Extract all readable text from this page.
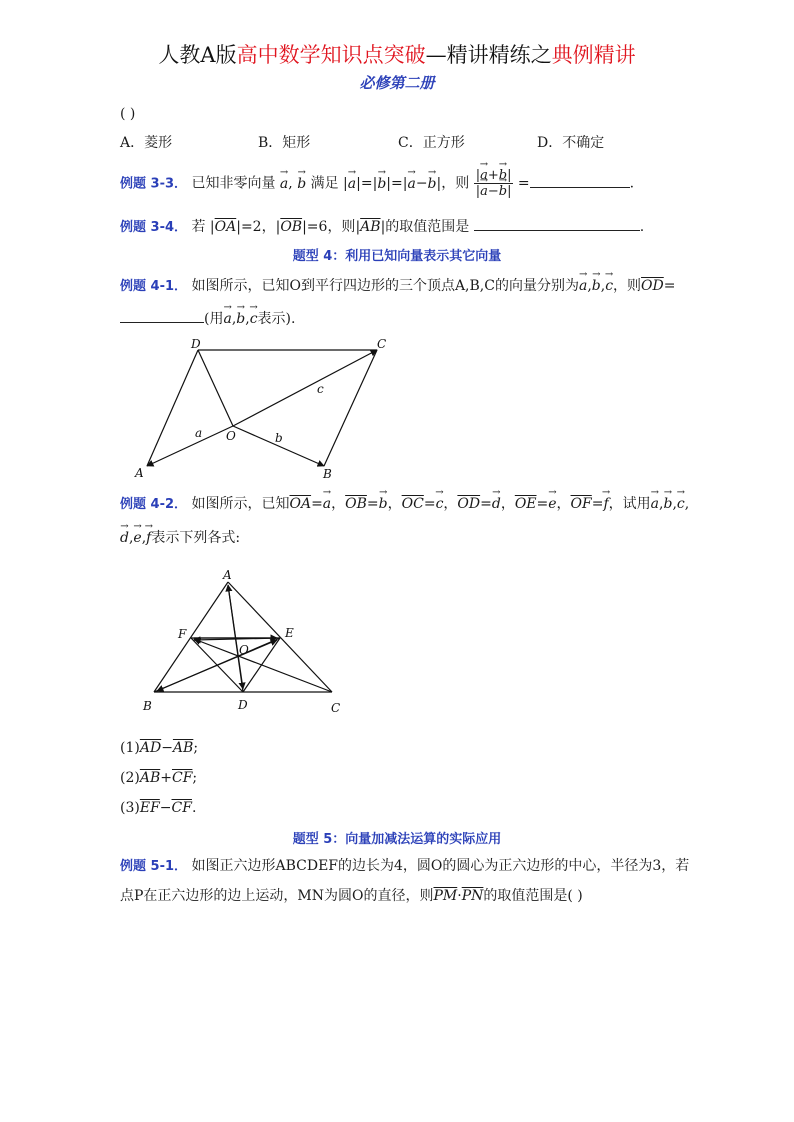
人教A版高中数学知识点突破—精讲精练之典例精讲
必修第二册
( )
A．菱形	B．矩形	C．正方形	D．不确定
例题 3-3． 已知非零向量 → a, → b 满足 |→ a|=|→ b|=|→ a−→ b|，则 $\frac{|\to a+\to b|}{|\to a-\to b|}$ =	.
例题 3-4． 若 $|\overline{OA}|=2$，$|\overline{OB}|=6$，则$|\overline{AB}|$的取值范围是	.
题型 4：利用已知向量表示其它向量
例题 4-1． 如图所示，已知O到平行四边形的三个顶点A,B,C的向量分别为→ a,→ b,→ c，则$\overline{OD}=$
(用→ a,→ b,→ c表示).
A	B
C
D
O
a	b
c
例题 4-2． 如图所示，已知$\overline{OA}=\to a$，$\overline{OB}=\to b$，$\overline{OC}=\to c$，$\overline{OD}=\to d$，$\overline{OE}=\to e$，$\overline{OF}=\to f$，试用→ a,→ b,→ c,
→ d,→ e,→ f表示下列各式:
A
B	C
D
E
F
O
$(1)\overline{AD}-\overline{AB}$;
$(2)\overline{AB}+\overline{CF}$;
$(3)\overline{EF}-\overline{CF}$.
题型 5：向量加减法运算的实际应用
例题 5-1． 如图正六边形ABCDEF的边长为4，圆O的圆心为正六边形的中心，半径为3，若
点P在正六边形的边上运动，MN为圆O的直径，则$\overline{PM}\cdot\overline{PN}$的取值范围是( )
